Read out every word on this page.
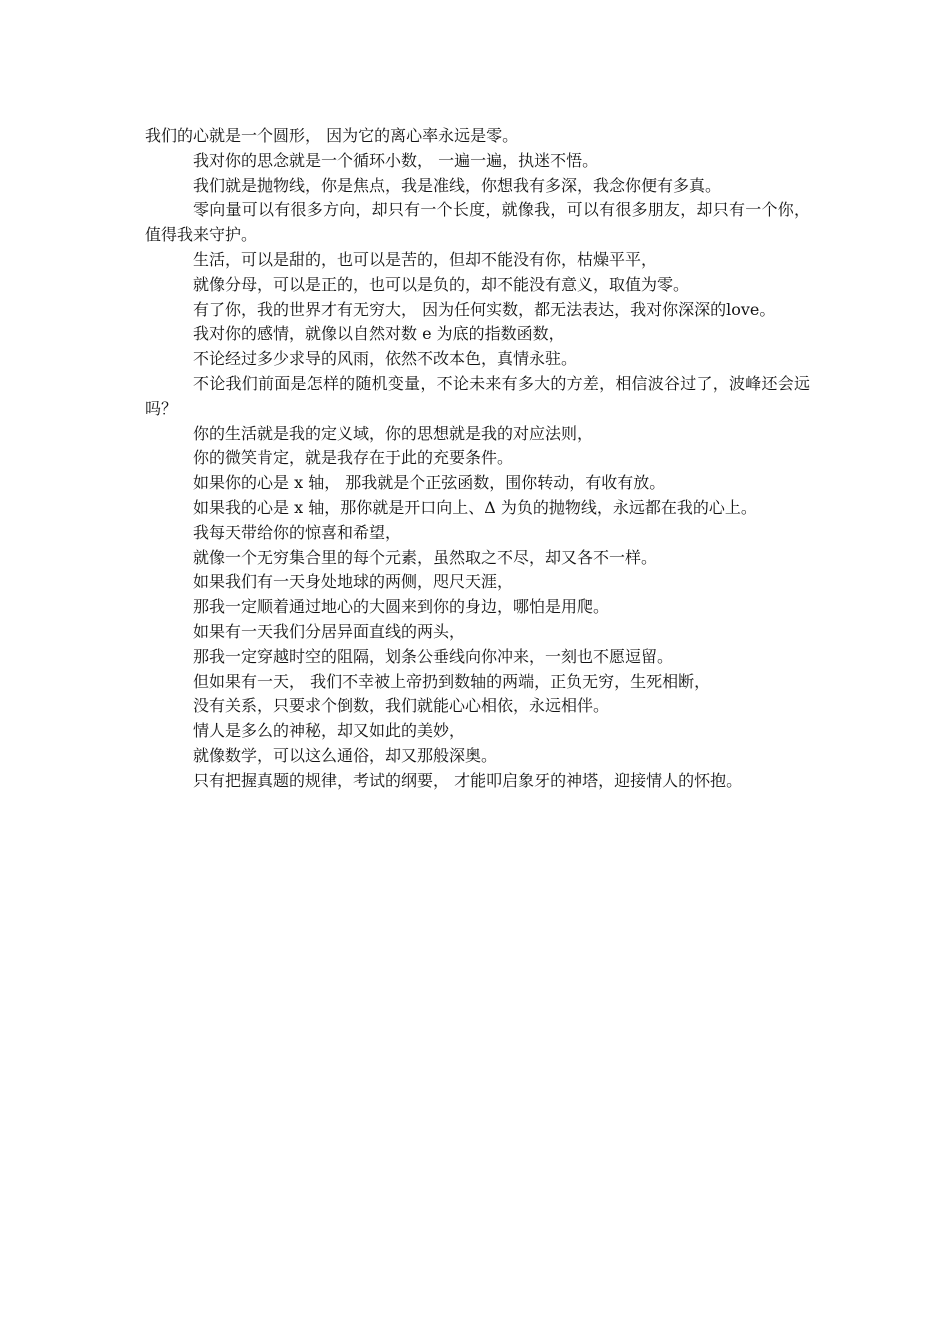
我们的心就是一个圆形， 因为它的离心率永远是零。

我对你的思念就是一个循环小数， 一遍一遍，执迷不悟。

我们就是抛物线，你是焦点，我是准线，你想我有多深，我念你便有多真。

零向量可以有很多方向，却只有一个长度，就像我，可以有很多朋友，却只有一个你，值得我来守护。

生活，可以是甜的，也可以是苦的，但却不能没有你，枯燥平平，

就像分母，可以是正的，也可以是负的，却不能没有意义，取值为零。

有了你，我的世界才有无穷大， 因为任何实数，都无法表达，我对你深深的love。

我对你的感情，就像以自然对数 e 为底的指数函数，

不论经过多少求导的风雨，依然不改本色，真情永驻。

不论我们前面是怎样的随机变量，不论未来有多大的方差，相信波谷过了，波峰还会远吗？

你的生活就是我的定义域，你的思想就是我的对应法则，

你的微笑肯定，就是我存在于此的充要条件。

如果你的心是 x 轴， 那我就是个正弦函数，围你转动，有收有放。

如果我的心是 x 轴，那你就是开口向上、Δ 为负的抛物线，永远都在我的心上。

我每天带给你的惊喜和希望，

就像一个无穷集合里的每个元素，虽然取之不尽，却又各不一样。

如果我们有一天身处地球的两侧，咫尺天涯，

那我一定顺着通过地心的大圆来到你的身边，哪怕是用爬。

如果有一天我们分居异面直线的两头，

那我一定穿越时空的阻隔，划条公垂线向你冲来，一刻也不愿逗留。

但如果有一天， 我们不幸被上帝扔到数轴的两端，正负无穷，生死相断，

没有关系，只要求个倒数，我们就能心心相依，永远相伴。

情人是多么的神秘，却又如此的美妙，

就像数学，可以这么通俗，却又那般深奥。

只有把握真题的规律，考试的纲要， 才能叩启象牙的神塔，迎接情人的怀抱。
